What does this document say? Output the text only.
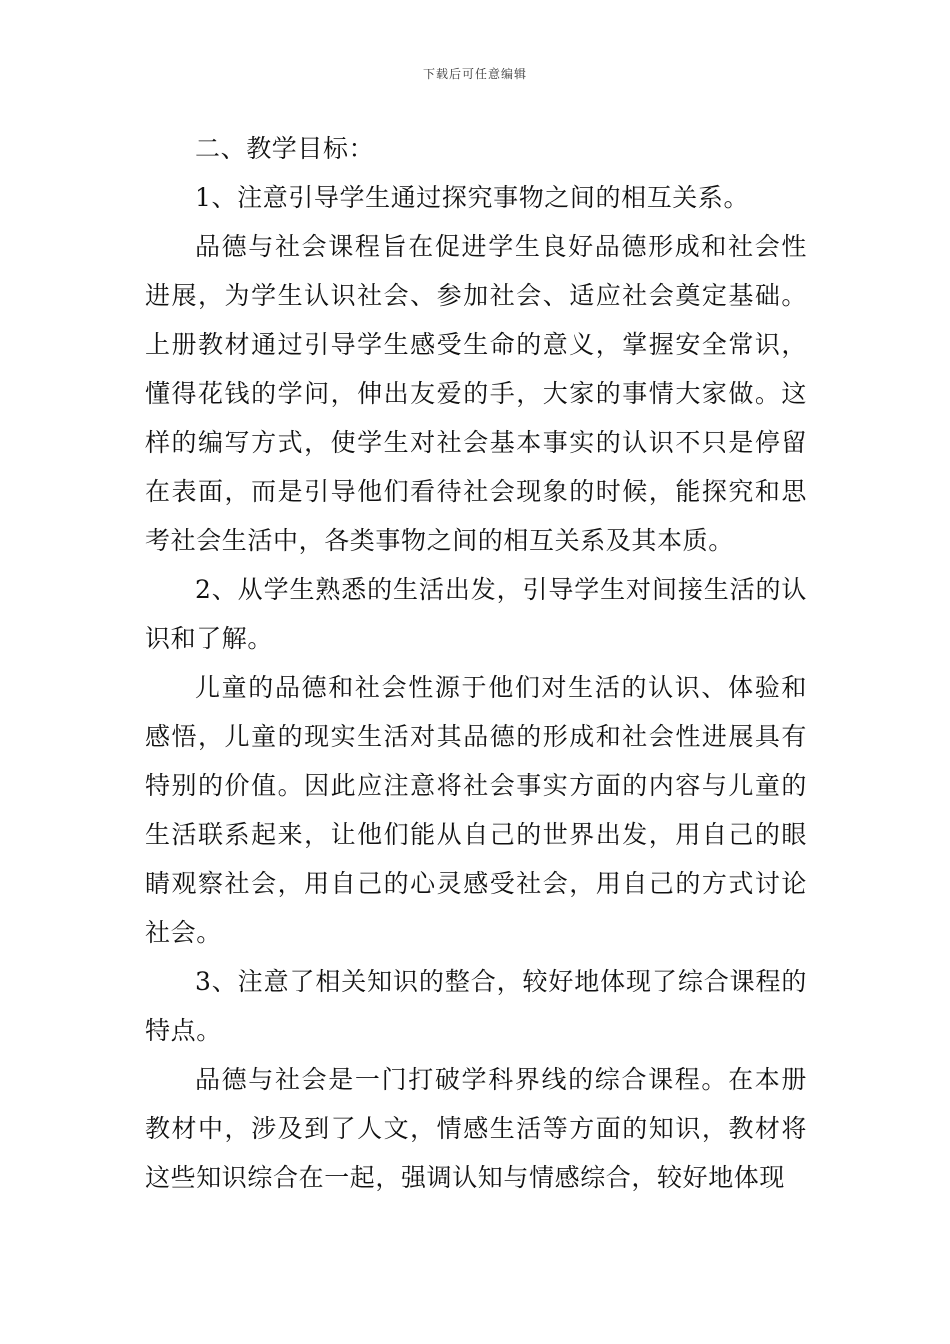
下载后可任意编辑

二、教学目标：

1、注意引导学生通过探究事物之间的相互关系。

品德与社会课程旨在促进学生良好品德形成和社会性进展，为学生认识社会、参加社会、适应社会奠定基础。上册教材通过引导学生感受生命的意义，掌握安全常识，懂得花钱的学问，伸出友爱的手，大家的事情大家做。这样的编写方式，使学生对社会基本事实的认识不只是停留在表面，而是引导他们看待社会现象的时候，能探究和思考社会生活中，各类事物之间的相互关系及其本质。

2、从学生熟悉的生活出发，引导学生对间接生活的认识和了解。

儿童的品德和社会性源于他们对生活的认识、体验和感悟，儿童的现实生活对其品德的形成和社会性进展具有特别的价值。因此应注意将社会事实方面的内容与儿童的生活联系起来，让他们能从自己的世界出发，用自己的眼睛观察社会，用自己的心灵感受社会，用自己的方式讨论社会。

3、注意了相关知识的整合，较好地体现了综合课程的特点。

品德与社会是一门打破学科界线的综合课程。在本册教材中，涉及到了人文，情感生活等方面的知识，教材将这些知识综合在一起，强调认知与情感综合，较好地体现
